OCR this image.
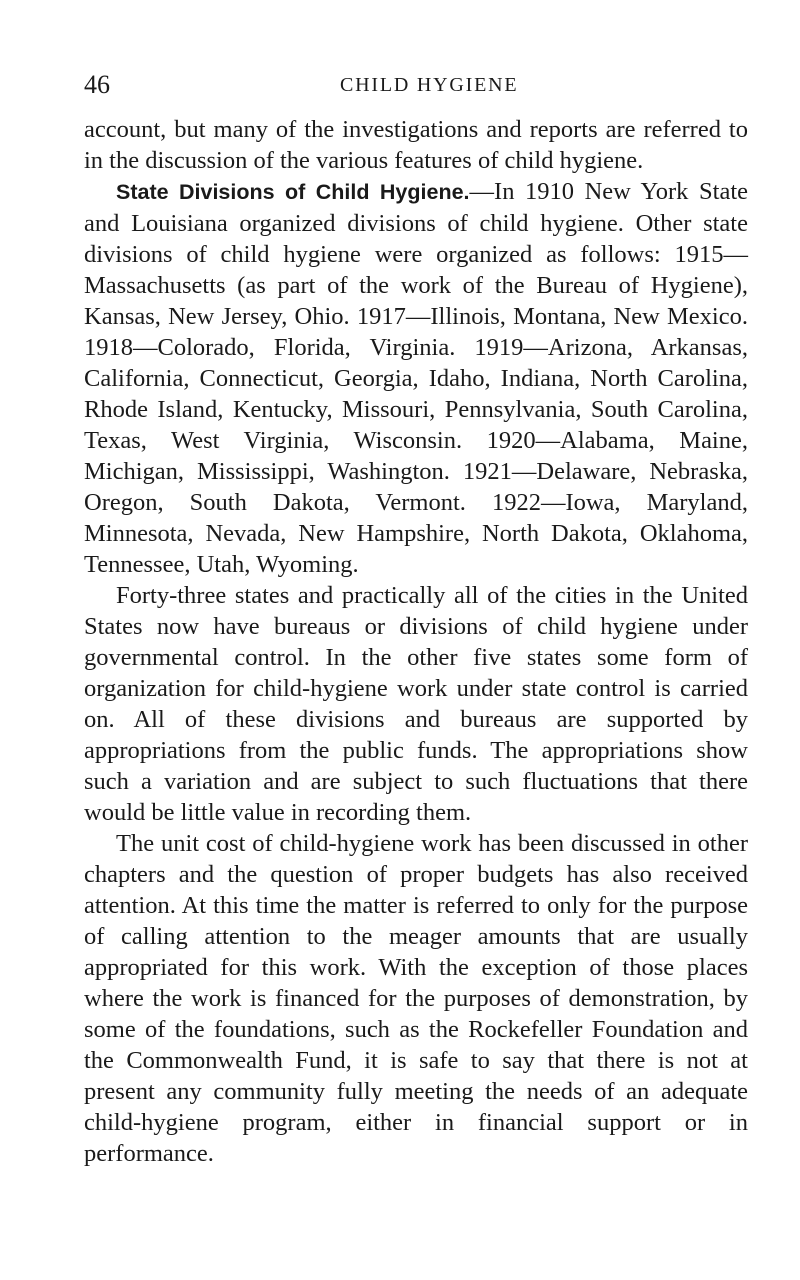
46	CHILD HYGIENE

account, but many of the investigations and reports are referred to in the discussion of the various features of child hygiene.

State Divisions of Child Hygiene.—In 1910 New York State and Louisiana organized divisions of child hygiene. Other state divisions of child hygiene were organized as follows: 1915—Massachusetts (as part of the work of the Bureau of Hygiene), Kansas, New Jersey, Ohio. 1917—Illinois, Montana, New Mexico. 1918—Colorado, Florida, Virginia. 1919—Arizona, Arkansas, California, Connecticut, Georgia, Idaho, Indiana, North Carolina, Rhode Island, Kentucky, Missouri, Pennsylvania, South Carolina, Texas, West Virginia, Wisconsin. 1920—Alabama, Maine, Michigan, Mississippi, Washington. 1921—Delaware, Nebraska, Oregon, South Dakota, Vermont. 1922—Iowa, Maryland, Minnesota, Nevada, New Hampshire, North Dakota, Oklahoma, Tennessee, Utah, Wyoming.

Forty-three states and practically all of the cities in the United States now have bureaus or divisions of child hygiene under governmental control. In the other five states some form of organization for child-hygiene work under state control is carried on. All of these divisions and bureaus are supported by appropriations from the public funds. The appropriations show such a variation and are subject to such fluctuations that there would be little value in recording them.

The unit cost of child-hygiene work has been discussed in other chapters and the question of proper budgets has also received attention. At this time the matter is referred to only for the purpose of calling attention to the meager amounts that are usually appropriated for this work. With the exception of those places where the work is financed for the purposes of demonstration, by some of the foundations, such as the Rockefeller Foundation and the Commonwealth Fund, it is safe to say that there is not at present any community fully meeting the needs of an adequate child-hygiene program, either in financial support or in performance.
